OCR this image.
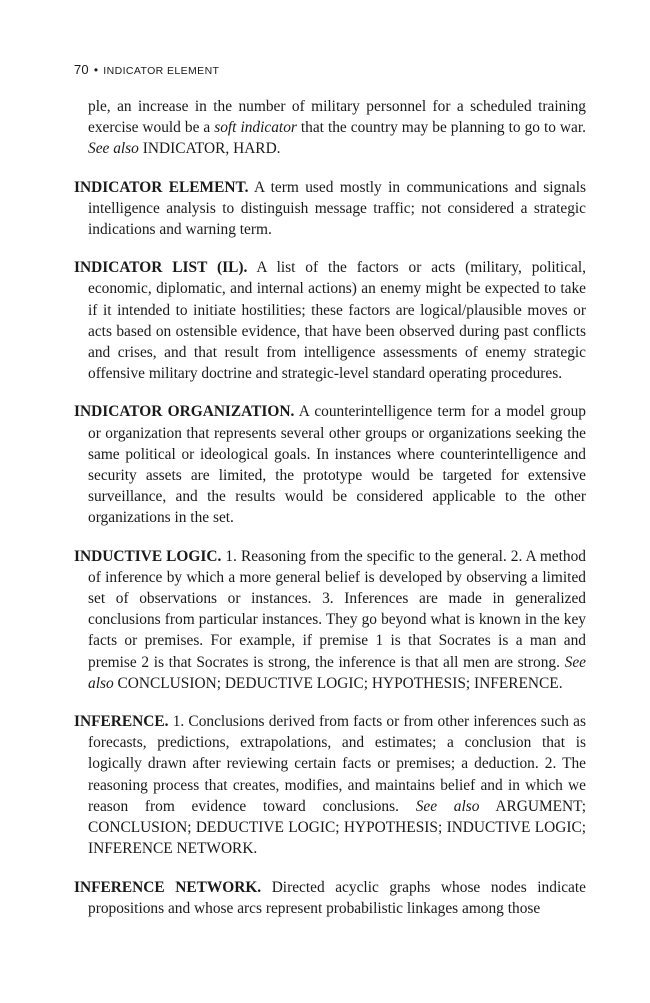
70 • INDICATOR ELEMENT

ple, an increase in the number of military personnel for a scheduled training exercise would be a soft indicator that the country may be planning to go to war. See also INDICATOR, HARD.

INDICATOR ELEMENT. A term used mostly in communications and signals intelligence analysis to distinguish message traffic; not considered a strategic indications and warning term.

INDICATOR LIST (IL). A list of the factors or acts (military, political, economic, diplomatic, and internal actions) an enemy might be expected to take if it intended to initiate hostilities; these factors are logical/plausible moves or acts based on ostensible evidence, that have been observed during past conflicts and crises, and that result from intelligence assessments of enemy strategic offensive military doctrine and strategic-level standard operating procedures.

INDICATOR ORGANIZATION. A counterintelligence term for a model group or organization that represents several other groups or organizations seeking the same political or ideological goals. In instances where counterintelligence and security assets are limited, the prototype would be targeted for extensive surveillance, and the results would be considered applicable to the other organizations in the set.

INDUCTIVE LOGIC. 1. Reasoning from the specific to the general. 2. A method of inference by which a more general belief is developed by observing a limited set of observations or instances. 3. Inferences are made in generalized conclusions from particular instances. They go beyond what is known in the key facts or premises. For example, if premise 1 is that Socrates is a man and premise 2 is that Socrates is strong, the inference is that all men are strong. See also CONCLUSION; DEDUCTIVE LOGIC; HYPOTHESIS; INFERENCE.

INFERENCE. 1. Conclusions derived from facts or from other inferences such as forecasts, predictions, extrapolations, and estimates; a conclusion that is logically drawn after reviewing certain facts or premises; a deduction. 2. The reasoning process that creates, modifies, and maintains belief and in which we reason from evidence toward conclusions. See also ARGUMENT; CONCLUSION; DEDUCTIVE LOGIC; HYPOTHESIS; INDUCTIVE LOGIC; INFERENCE NETWORK.

INFERENCE NETWORK. Directed acyclic graphs whose nodes indicate propositions and whose arcs represent probabilistic linkages among those
